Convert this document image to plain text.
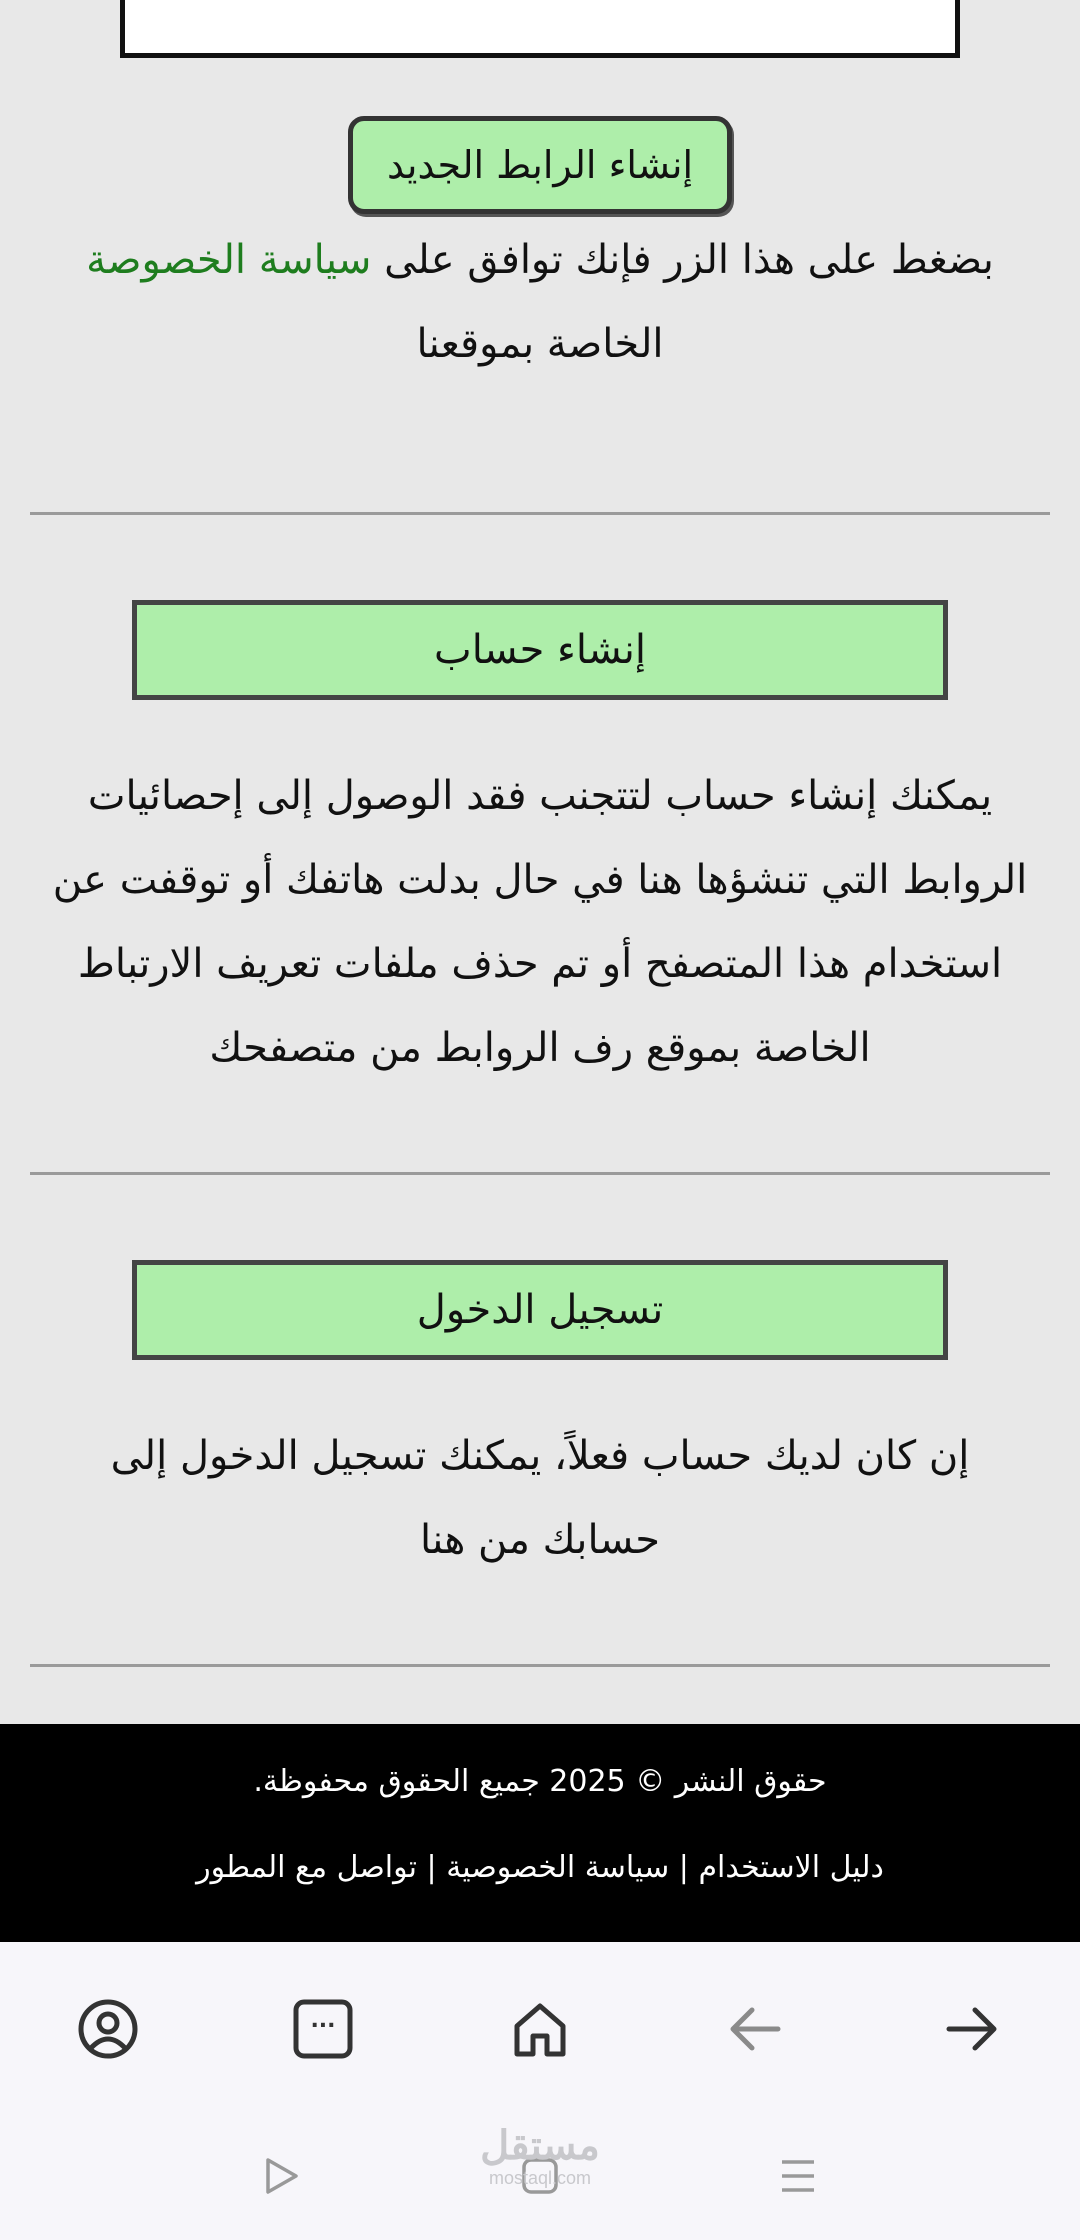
إنشاء الرابط الجديد
بضغط على هذا الزر فإنك توافق على سياسة الخصوصة الخاصة بموقعنا
إنشاء حساب
يمكنك إنشاء حساب لتتجنب فقد الوصول إلى إحصائيات الروابط التي تنشؤها هنا في حال بدلت هاتفك أو توقفت عن استخدام هذا المتصفح أو تم حذف ملفات تعريف الارتباط الخاصة بموقع رف الروابط من متصفحك
تسجيل الدخول
إن كان لديك حساب فعلاً، يمكنك تسجيل الدخول إلى حسابك من هنا
حقوق النشر © 2025 جميع الحقوق محفوظة.
دليل الاستخدام | سياسة الخصوصية | تواصل مع المطور
...
مستقل
mostaql.com
